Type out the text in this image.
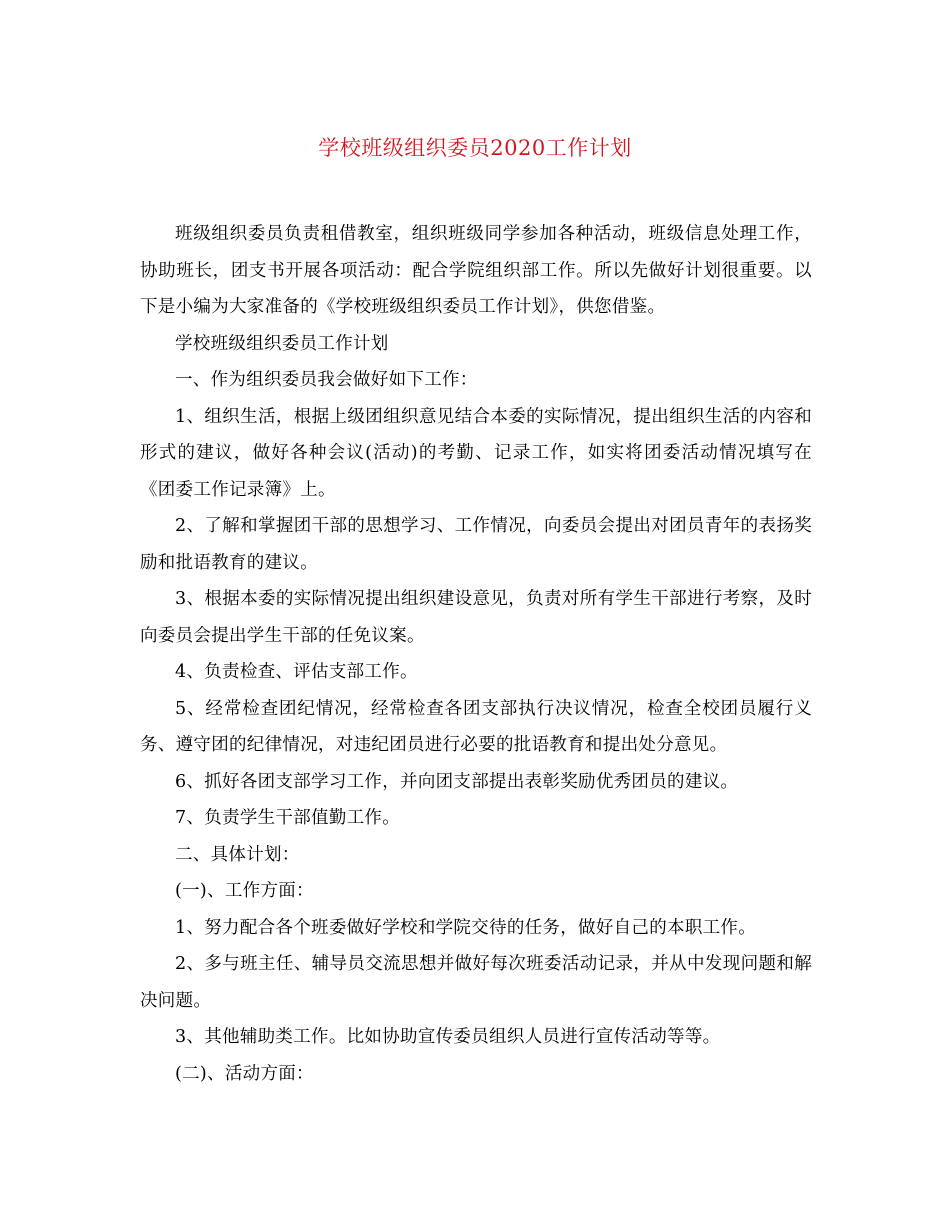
学校班级组织委员2020工作计划

班级组织委员负责租借教室，组织班级同学参加各种活动，班级信息处理工作，协助班长，团支书开展各项活动：配合学院组织部工作。所以先做好计划很重要。以下是小编为大家准备的《学校班级组织委员工作计划》，供您借鉴。

学校班级组织委员工作计划

一、作为组织委员我会做好如下工作：

1、组织生活，根据上级团组织意见结合本委的实际情况，提出组织生活的内容和形式的建议，做好各种会议(活动)的考勤、记录工作，如实将团委活动情况填写在《团委工作记录簿》上。

2、了解和掌握团干部的思想学习、工作情况，向委员会提出对团员青年的表扬奖励和批语教育的建议。

3、根据本委的实际情况提出组织建设意见，负责对所有学生干部进行考察，及时向委员会提出学生干部的任免议案。

4、负责检查、评估支部工作。

5、经常检查团纪情况，经常检查各团支部执行决议情况，检查全校团员履行义务、遵守团的纪律情况，对违纪团员进行必要的批语教育和提出处分意见。

6、抓好各团支部学习工作，并向团支部提出表彰奖励优秀团员的建议。

7、负责学生干部值勤工作。

二、具体计划：

(一)、工作方面：

1、努力配合各个班委做好学校和学院交待的任务，做好自己的本职工作。

2、多与班主任、辅导员交流思想并做好每次班委活动记录，并从中发现问题和解决问题。

3、其他辅助类工作。比如协助宣传委员组织人员进行宣传活动等等。

(二)、活动方面：
